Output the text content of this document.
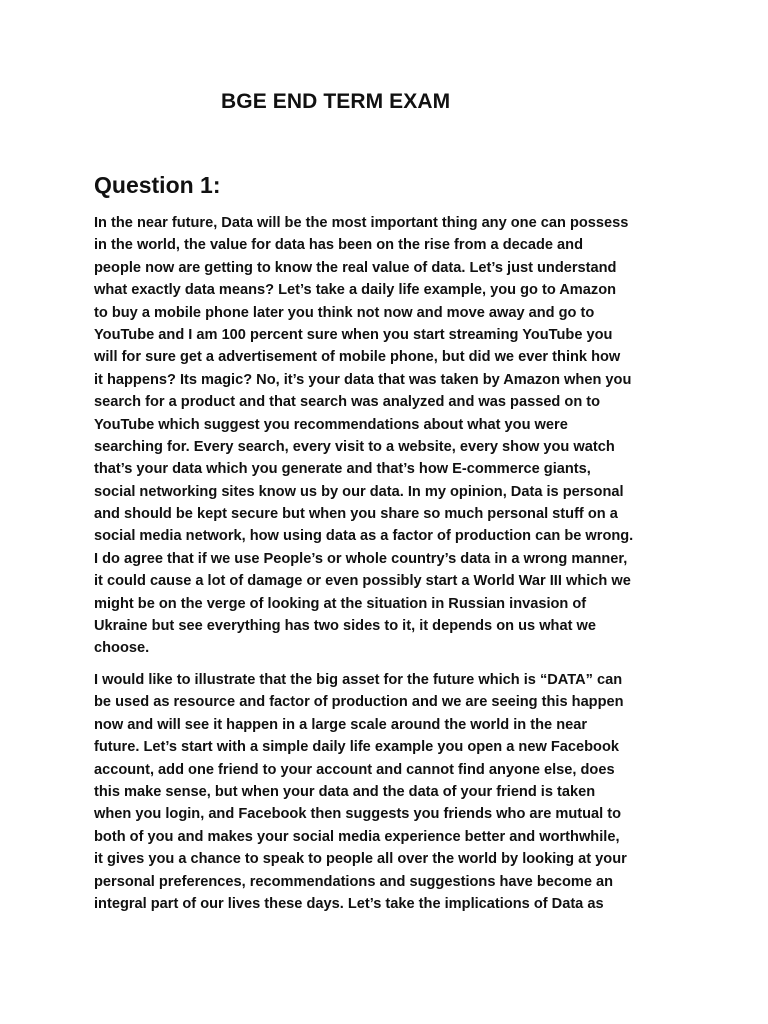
BGE END TERM EXAM
Question 1:
In the near future, Data will be the most important thing any one can possess
in the world, the value for data has been on the rise from a decade and
people now are getting to know the real value of data. Let’s just understand
what exactly data means? Let’s take a daily life example, you go to Amazon
to buy a mobile phone later you think not now and move away and go to
YouTube and I am 100 percent sure when you start streaming YouTube you
will for sure get a advertisement of mobile phone, but did we ever think how
it happens? Its magic? No, it’s your data that was taken by Amazon when you
search for a product and that search was analyzed and was passed on to
YouTube which suggest you recommendations about what you were
searching for. Every search, every visit to a website, every show you watch
that’s your data which you generate and that’s how E-commerce giants,
social networking sites know us by our data. In my opinion, Data is personal
and should be kept secure but when you share so much personal stuff on a
social media network, how using data as a factor of production can be wrong.
I do agree that if we use People’s or whole country’s data in a wrong manner,
it could cause a lot of damage or even possibly start a World War III which we
might be on the verge of looking at the situation in Russian invasion of
Ukraine but see everything has two sides to it, it depends on us what we
choose.
I would like to illustrate that the big asset for the future which is “DATA” can
be used as resource and factor of production and we are seeing this happen
now and will see it happen in a large scale around the world in the near
future. Let’s start with a simple daily life example you open a new Facebook
account, add one friend to your account and cannot find anyone else, does
this make sense, but when your data and the data of your friend is taken
when you login, and Facebook then suggests you friends who are mutual to
both of you and makes your social media experience better and worthwhile,
it gives you a chance to speak to people all over the world by looking at your
personal preferences, recommendations and suggestions have become an
integral part of our lives these days. Let’s take the implications of Data as
